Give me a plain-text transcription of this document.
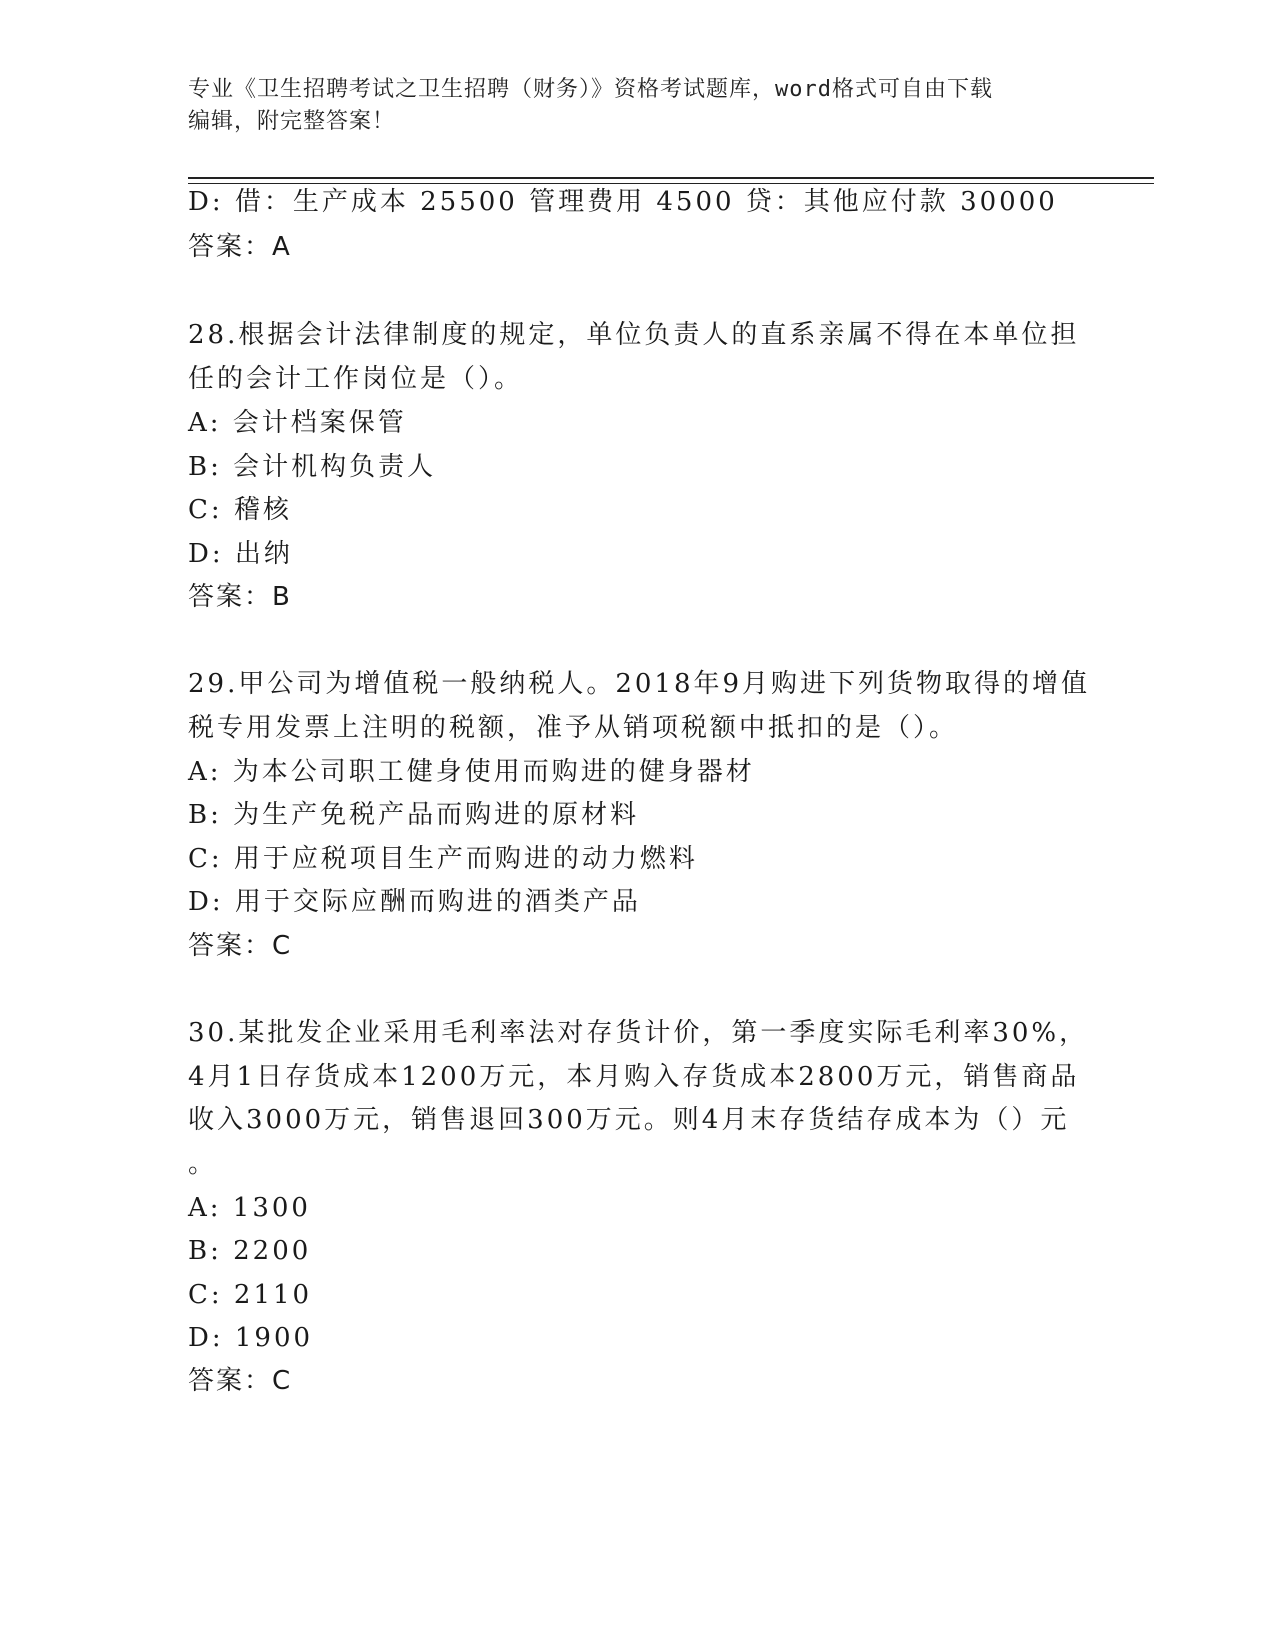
专业《卫生招聘考试之卫生招聘（财务）》资格考试题库，word格式可自由下载
编辑，附完整答案！
D: 借：生产成本 25500 管理费用 4500 贷：其他应付款 30000
答案：A
28.根据会计法律制度的规定，单位负责人的直系亲属不得在本单位担
任的会计工作岗位是（）。
A: 会计档案保管
B: 会计机构负责人
C: 稽核
D: 出纳
答案：B
29.甲公司为增值税一般纳税人。2018年9月购进下列货物取得的增值
税专用发票上注明的税额，准予从销项税额中抵扣的是（）。
A: 为本公司职工健身使用而购进的健身器材
B: 为生产免税产品而购进的原材料
C: 用于应税项目生产而购进的动力燃料
D: 用于交际应酬而购进的酒类产品
答案：C
30.某批发企业采用毛利率法对存货计价，第一季度实际毛利率30%，
4月1日存货成本1200万元，本月购入存货成本2800万元，销售商品
收入3000万元，销售退回300万元。则4月末存货结存成本为（）元
。
A: 1300
B: 2200
C: 2110
D: 1900
答案：C
